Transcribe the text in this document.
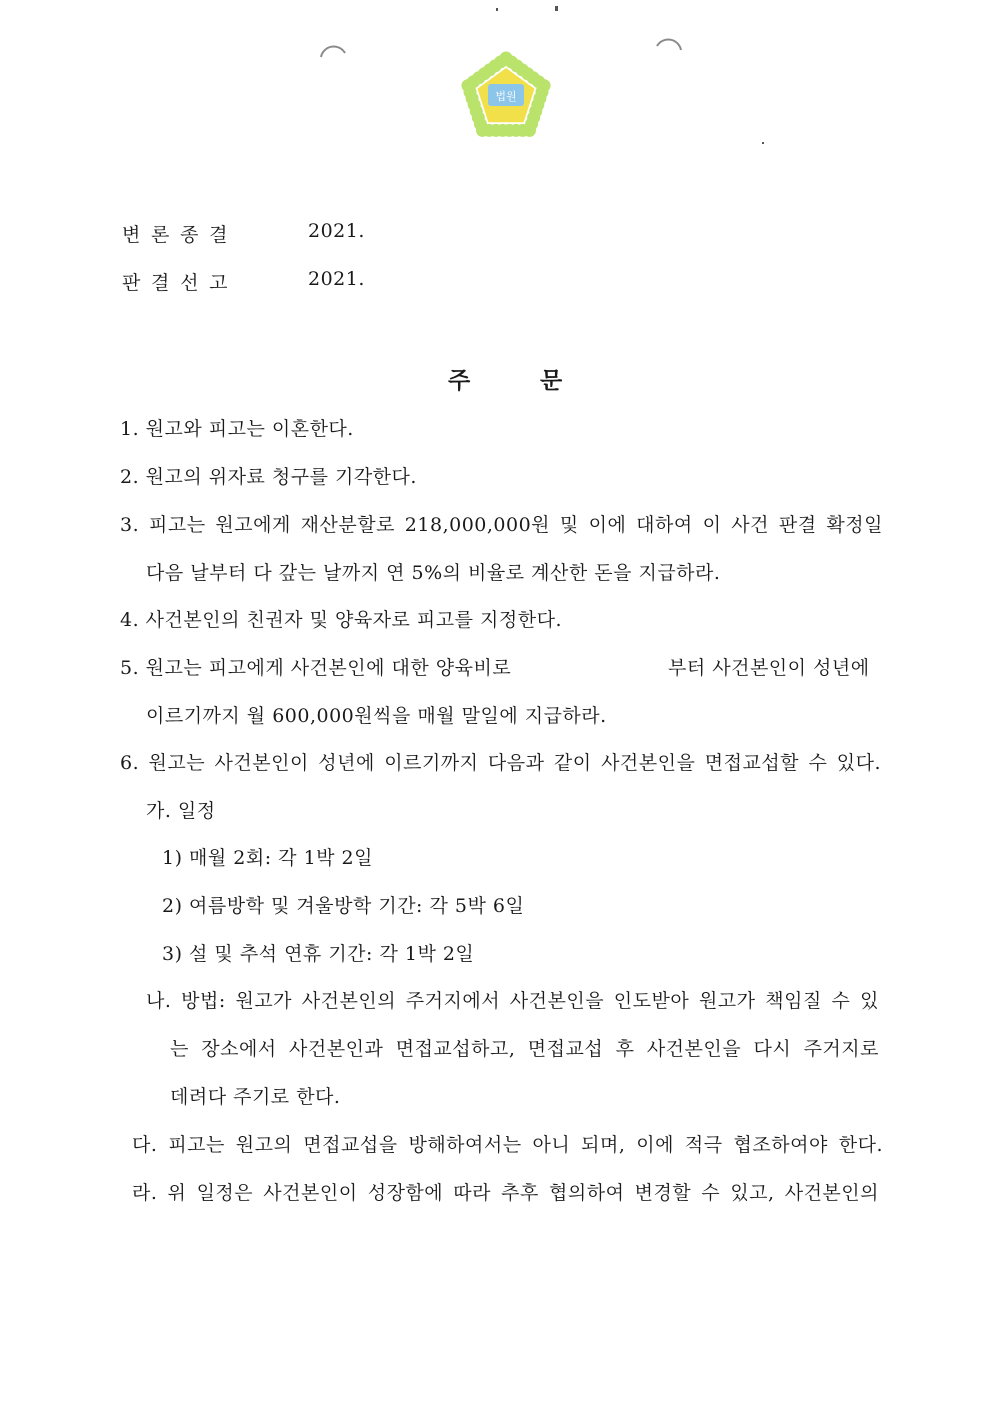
법원
변 론 종 결	2021.
판 결 선 고	2021.
주	문
1. 원고와 피고는 이혼한다.
2. 원고의 위자료 청구를 기각한다.
3. 피고는 원고에게 재산분할로 218,000,000원 및 이에 대하여 이 사건 판결 확정일
다음 날부터 다 갚는 날까지 연 5%의 비율로 계산한 돈을 지급하라.
4. 사건본인의 친권자 및 양육자로 피고를 지정한다.
5. 원고는 피고에게 사건본인에 대한 양육비로	부터 사건본인이 성년에
이르기까지 월 600,000원씩을 매월 말일에 지급하라.
6. 원고는 사건본인이 성년에 이르기까지 다음과 같이 사건본인을 면접교섭할 수 있다.
가. 일정
1) 매월 2회: 각 1박 2일
2) 여름방학 및 겨울방학 기간: 각 5박 6일
3) 설 및 추석 연휴 기간: 각 1박 2일
나. 방법: 원고가 사건본인의 주거지에서 사건본인을 인도받아 원고가 책임질 수 있
는 장소에서 사건본인과 면접교섭하고, 면접교섭 후 사건본인을 다시 주거지로
데려다 주기로 한다.
다. 피고는 원고의 면접교섭을 방해하여서는 아니 되며, 이에 적극 협조하여야 한다.
라. 위 일정은 사건본인이 성장함에 따라 추후 협의하여 변경할 수 있고, 사건본인의
